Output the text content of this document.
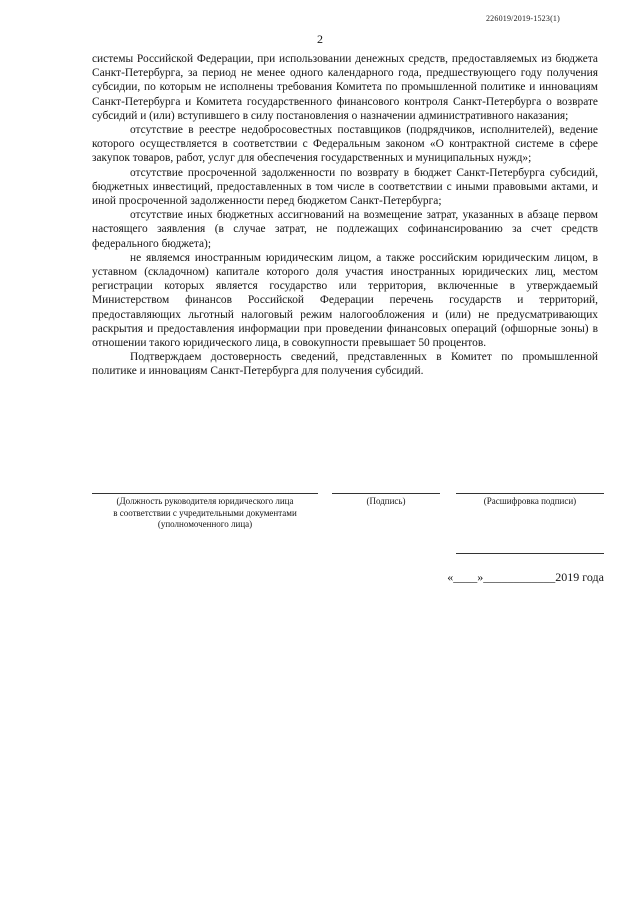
226019/2019-1523(1)
2

системы Российской Федерации, при использовании денежных средств, предоставляемых из бюджета Санкт-Петербурга, за период не менее одного календарного года, предшествующего году получения субсидии, по которым не исполнены требования Комитета по промышленной политике и инновациям Санкт-Петербурга и Комитета государственного финансового контроля Санкт-Петербурга о возврате субсидий и (или) вступившего в силу постановления о назначении административного наказания;

отсутствие в реестре недобросовестных поставщиков (подрядчиков, исполнителей), ведение которого осуществляется в соответствии с Федеральным законом «О контрактной системе в сфере закупок товаров, работ, услуг для обеспечения государственных и муниципальных нужд»;

отсутствие просроченной задолженности по возврату в бюджет Санкт-Петербурга субсидий, бюджетных инвестиций, предоставленных в том числе в соответствии с иными правовыми актами, и иной просроченной задолженности перед бюджетом Санкт-Петербурга;

отсутствие иных бюджетных ассигнований на возмещение затрат, указанных в абзаце первом настоящего заявления (в случае затрат, не подлежащих софинансированию за счет средств федерального бюджета);

не являемся иностранным юридическим лицом, а также российским юридическим лицом, в уставном (складочном) капитале которого доля участия иностранных юридических лиц, местом регистрации которых является государство или территория, включенные в утверждаемый Министерством финансов Российской Федерации перечень государств и территорий, предоставляющих льготный налоговый режим налогообложения и (или) не предусматривающих раскрытия и предоставления информации при проведении финансовых операций (офшорные зоны) в отношении такого юридического лица, в совокупности превышает 50 процентов.

Подтверждаем достоверность сведений, представленных в Комитет по промышленной политике и инновациям Санкт-Петербурга для получения субсидий.

(Должность руководителя юридического лица
в соответствии с учредительными документами
(уполномоченного лица)
(Подпись)	(Расшифровка подписи)
«____»____________2019 года
